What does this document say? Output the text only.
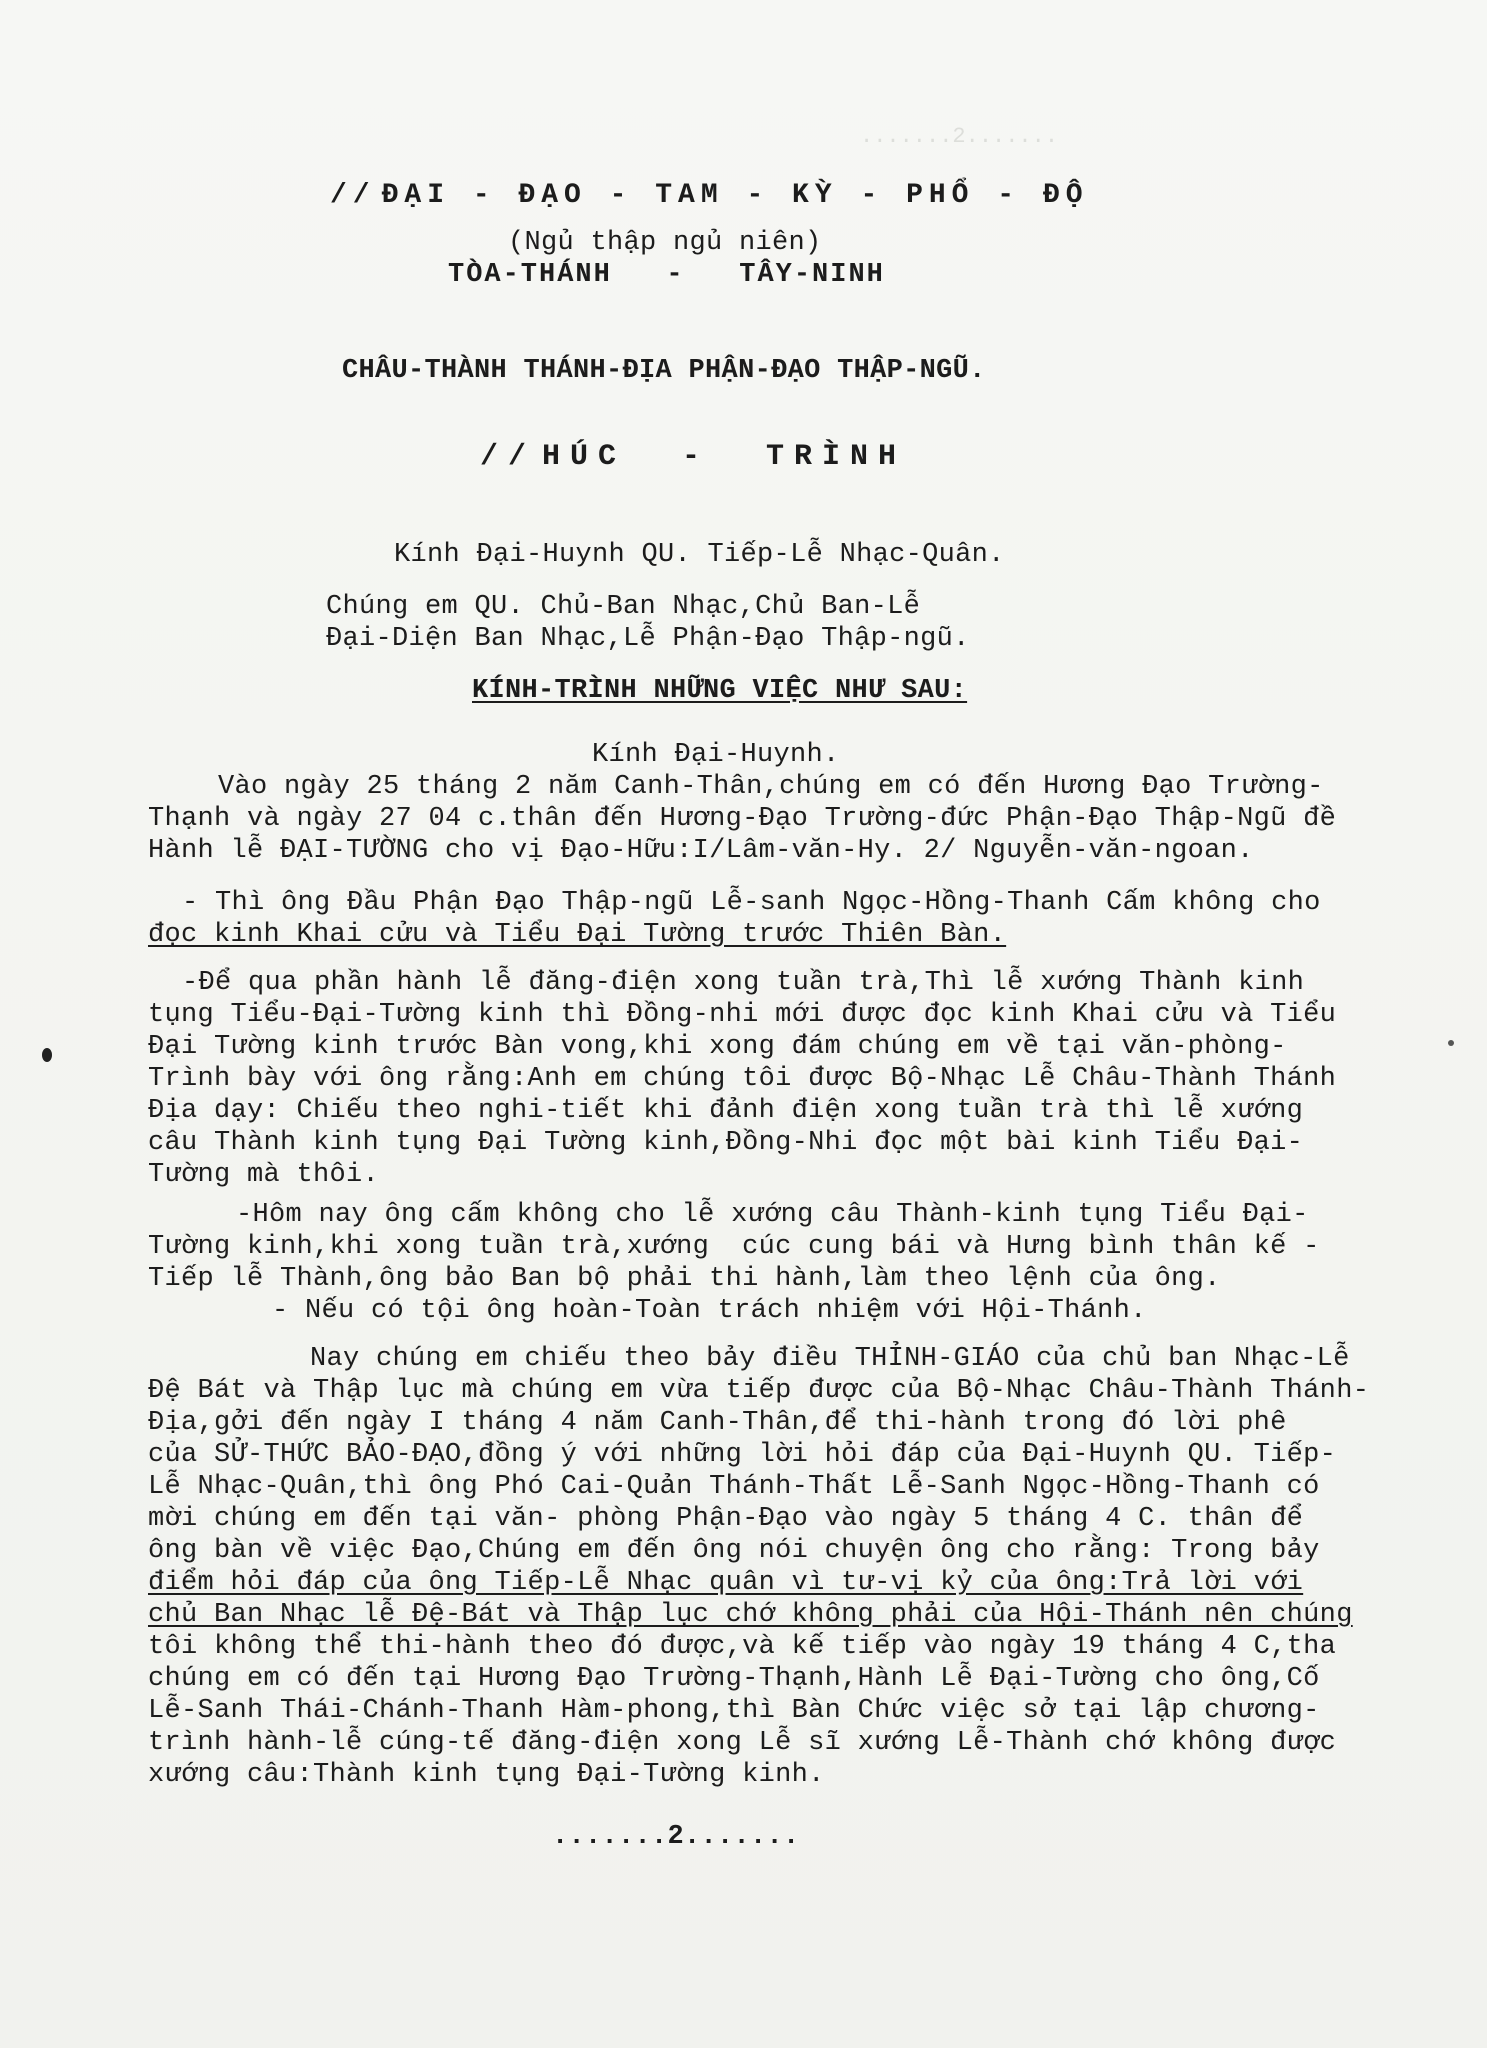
.......2.......
// ĐẠI - ĐẠO - TAM - KỲ - PHỔ - ĐỘ
(Ngủ thập ngủ niên)
TÒA-THÁNH   -   TÂY-NINH
CHÂU-THÀNH THÁNH-ĐỊA PHẬN-ĐẠO THẬP-NGŨ.
// HÚC  -  TRÌNH
Kính Đại-Huynh QU. Tiếp-Lễ Nhạc-Quân.
Chúng em QU. Chủ-Ban Nhạc,Chủ Ban-Lễ
Đại-Diện Ban Nhạc,Lễ Phận-Đạo Thập-ngũ.
KÍNH-TRÌNH NHỮNG VIỆC NHƯ SAU:
Kính Đại-Huynh.
Vào ngày 25 tháng 2 năm Canh-Thân,chúng em có đến Hương Đạo Trường-
Thạnh và ngày 27 04 c.thân đến Hương-Đạo Trường-đức Phận-Đạo Thập-Ngũ đề
Hành lễ ĐẠI-TƯỜNG cho vị Đạo-Hữu:I/Lâm-văn-Hy. 2/ Nguyễn-văn-ngoan.
- Thì ông Đầu Phận Đạo Thập-ngũ Lễ-sanh Ngọc-Hồng-Thanh Cấm không cho
đọc kinh Khai cửu và Tiểu Đại Tường trước Thiên Bàn.
-Để qua phần hành lễ đăng-điện xong tuần trà,Thì lễ xướng Thành kinh
tụng Tiểu-Đại-Tường kinh thì Đồng-nhi mới được đọc kinh Khai cửu và Tiểu
Đại Tường kinh trước Bàn vong,khi xong đám chúng em về tại văn-phòng-
Trình bày với ông rằng:Anh em chúng tôi được Bộ-Nhạc Lễ Châu-Thành Thánh
Địa dạy: Chiếu theo nghi-tiết khi đảnh điện xong tuần trà thì lễ xướng
câu Thành kinh tụng Đại Tường kinh,Đồng-Nhi đọc một bài kinh Tiểu Đại-
Tường mà thôi.
-Hôm nay ông cấm không cho lễ xướng câu Thành-kinh tụng Tiểu Đại-
Tường kinh,khi xong tuần trà,xướng  cúc cung bái và Hưng bình thân kế -
Tiếp lễ Thành,ông bảo Ban bộ phải thi hành,làm theo lệnh của ông.
- Nếu có tội ông hoàn-Toàn trách nhiệm với Hội-Thánh.
Nay chúng em chiếu theo bảy điều THỈNH-GIÁO của chủ ban Nhạc-Lễ
Đệ Bát và Thập lục mà chúng em vừa tiếp được của Bộ-Nhạc Châu-Thành Thánh-
Địa,gởi đến ngày I tháng 4 năm Canh-Thân,để thi-hành trong đó lời phê
của SỬ-THỨC BẢO-ĐẠO,đồng ý với những lời hỏi đáp của Đại-Huynh QU. Tiếp-
Lễ Nhạc-Quân,thì ông Phó Cai-Quản Thánh-Thất Lễ-Sanh Ngọc-Hồng-Thanh có
mời chúng em đến tại văn- phòng Phận-Đạo vào ngày 5 tháng 4 C. thân để
ông bàn về việc Đạo,Chúng em đến ông nói chuyện ông cho rằng: Trong bảy
điểm hỏi đáp của ông Tiếp-Lễ Nhạc quân vì tư-vị kỷ của ông:Trả lời với
chủ Ban Nhạc lễ Đệ-Bát và Thập lục chớ không phải của Hội-Thánh nên chúng
tôi không thể thi-hành theo đó được,và kế tiếp vào ngày 19 tháng 4 C,tha
chúng em có đến tại Hương Đạo Trường-Thạnh,Hành Lễ Đại-Tường cho ông,Cố
Lễ-Sanh Thái-Chánh-Thanh Hàm-phong,thì Bàn Chức việc sở tại lập chương-
trình hành-lễ cúng-tế đăng-điện xong Lễ sĩ xướng Lễ-Thành chớ không được
xướng câu:Thành kinh tụng Đại-Tường kinh.
.......2.......
